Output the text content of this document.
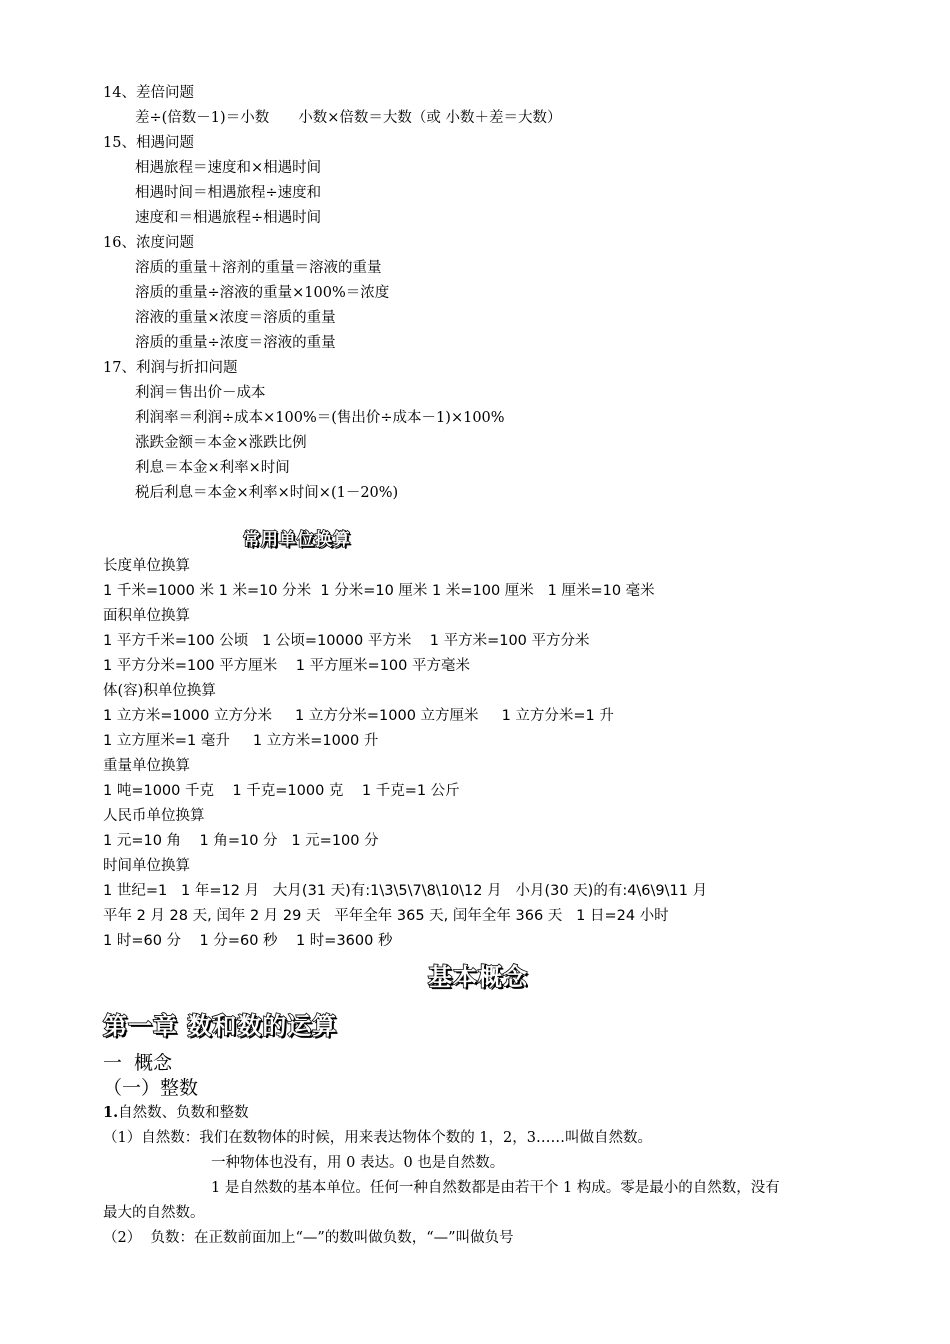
14、差倍问题
差÷(倍数－1)＝小数　　小数×倍数＝大数（或 小数＋差＝大数）
15、相遇问题
相遇旅程＝速度和×相遇时间
相遇时间＝相遇旅程÷速度和
速度和＝相遇旅程÷相遇时间
16、浓度问题
溶质的重量＋溶剂的重量＝溶液的重量
溶质的重量÷溶液的重量×100%＝浓度
溶液的重量×浓度＝溶质的重量
溶质的重量÷浓度＝溶液的重量
17、利润与折扣问题
利润＝售出价－成本
利润率＝利润÷成本×100%＝(售出价÷成本－1)×100%
涨跌金额＝本金×涨跌比例
利息＝本金×利率×时间
税后利息＝本金×利率×时间×(1－20%)
常用单位换算
长度单位换算
1 千米=1000 米 1 米=10 分米  1 分米=10 厘米 1 米=100 厘米   1 厘米=10 毫米
面积单位换算
1 平方千米=100 公顷   1 公顷=10000 平方米    1 平方米=100 平方分米
1 平方分米=100 平方厘米    1 平方厘米=100 平方毫米
体(容)积单位换算
1 立方米=1000 立方分米     1 立方分米=1000 立方厘米     1 立方分米=1 升
1 立方厘米=1 毫升     1 立方米=1000 升
重量单位换算
1 吨=1000 千克    1 千克=1000 克    1 千克=1 公斤
人民币单位换算
1 元=10 角    1 角=10 分   1 元=100 分
时间单位换算
1 世纪=1   1 年=12 月   大月(31 天)有:1\3\5\7\8\10\12 月   小月(30 天)的有:4\6\9\11 月
平年 2 月 28 天, 闰年 2 月 29 天   平年全年 365 天, 闰年全年 366 天   1 日=24 小时
1 时=60 分    1 分=60 秒    1 时=3600 秒
基本概念
第一章 数和数的运算
一  概念
（一）整数
1.自然数、负数和整数
（1）自然数：我们在数物体的时候，用来表达物体个数的 1，2，3……叫做自然数。
一种物体也没有，用 0 表达。0 也是自然数。
1 是自然数的基本单位。任何一种自然数都是由若干个 1 构成。零是最小的自然数，没有
最大的自然数。
（2）  负数：在正数前面加上“—”的数叫做负数，“—”叫做负号
